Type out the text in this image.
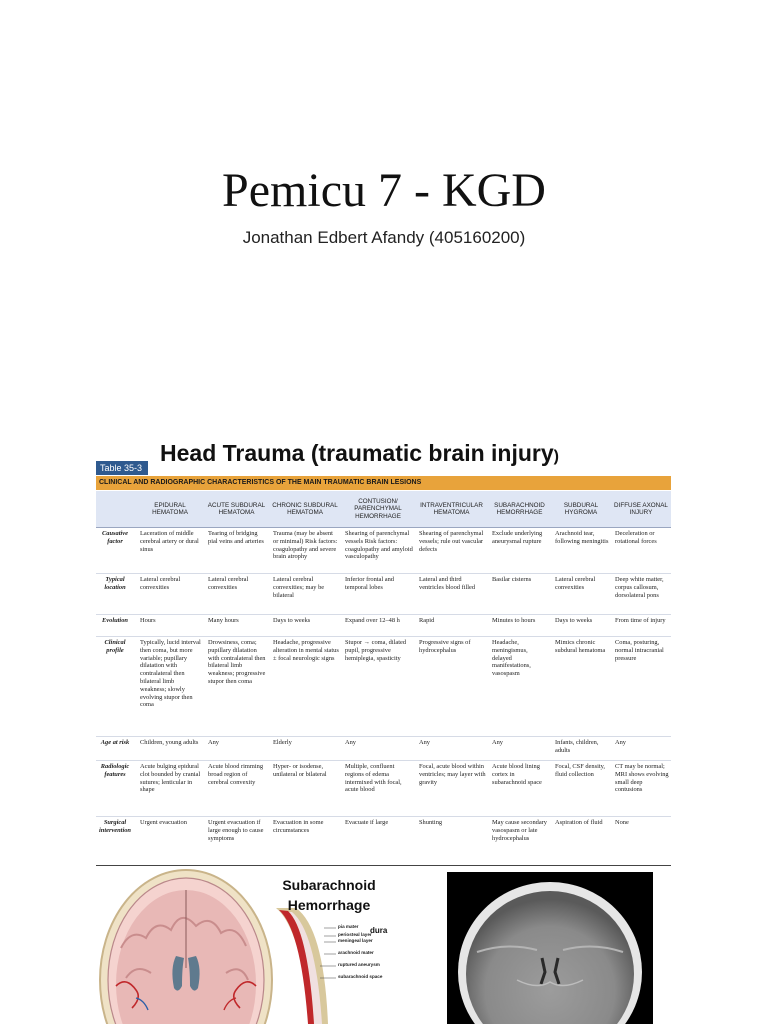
Pemicu 7 - KGD
Jonathan Edbert Afandy (405160200)
Head Trauma (traumatic brain injury)
Table 35-3
CLINICAL AND RADIOGRAPHIC CHARACTERISTICS OF THE MAIN TRAUMATIC BRAIN LESIONS
	EPIDURAL HEMATOMA	ACUTE SUBDURAL HEMATOMA	CHRONIC SUBDURAL HEMATOMA	CONTUSION/ PARENCHYMAL HEMORRHAGE	INTRAVENTRICULAR HEMATOMA	SUBARACHNOID HEMORRHAGE	SUBDURAL HYGROMA	DIFFUSE AXONAL INJURY
Causative factor	Laceration of middle cerebral artery or dural sinus	Tearing of bridging pial veins and arteries	Trauma (may be absent or minimal) Risk factors: coagulopathy and severe brain atrophy	Shearing of parenchymal vessels Risk factors: coagulopathy and amyloid vasculopathy	Shearing of parenchymal vessels; rule out vascular defects	Exclude underlying aneurysmal rupture	Arachnoid tear, following meningitis	Deceleration or rotational forces
Typical location	Lateral cerebral convexities	Lateral cerebral convexities	Lateral cerebral convexities; may be bilateral	Inferior frontal and temporal lobes	Lateral and third ventricles blood filled	Basilar cisterns	Lateral cerebral convexities	Deep white matter, corpus callosum, dorsolateral pons
Evolution	Hours	Many hours	Days to weeks	Expand over 12–48 h	Rapid	Minutes to hours	Days to weeks	From time of injury
Clinical profile	Typically, lucid interval then coma, but more variable; pupillary dilatation with contralateral then bilateral limb weakness; slowly evolving stupor then coma	Drowsiness, coma; pupillary dilatation with contralateral then bilateral limb weakness; progressive stupor then coma	Headache, progressive alteration in mental status ± focal neurologic signs	Stupor → coma, dilated pupil, progressive hemiplegia, spasticity	Progressive signs of hydrocephalus	Headache, meningismus, delayed manifestations, vasospasm	Mimics chronic subdural hematoma	Coma, posturing, normal intracranial pressure
Age at risk	Children, young adults	Any	Elderly	Any	Any	Any	Infants, children, adults	Any
Radiologic features	Acute bulging epidural clot bounded by cranial sutures; lenticular in shape	Acute blood rimming broad region of cerebral convexity	Hyper- or isodense, unilateral or bilateral	Multiple, confluent regions of edema intermixed with focal, acute blood	Focal, acute blood within ventricles; may layer with gravity	Acute blood lining cortex in subarachnoid space	Focal, CSF density, fluid collection	CT may be normal; MRI shows evolving small deep contusions
Surgical intervention	Urgent evacuation	Urgent evacuation if large enough to cause symptoms	Evacuation in some circumstances	Evacuate if large	Shunting	May cause secondary vasospasm or late hydrocephalus	Aspiration of fluid	None
Subarachnoid
Hemorrhage
pia mater
periosteal layer
meningeal layer
dura
arachnoid mater
ruptured aneurysm
subarachnoid space
